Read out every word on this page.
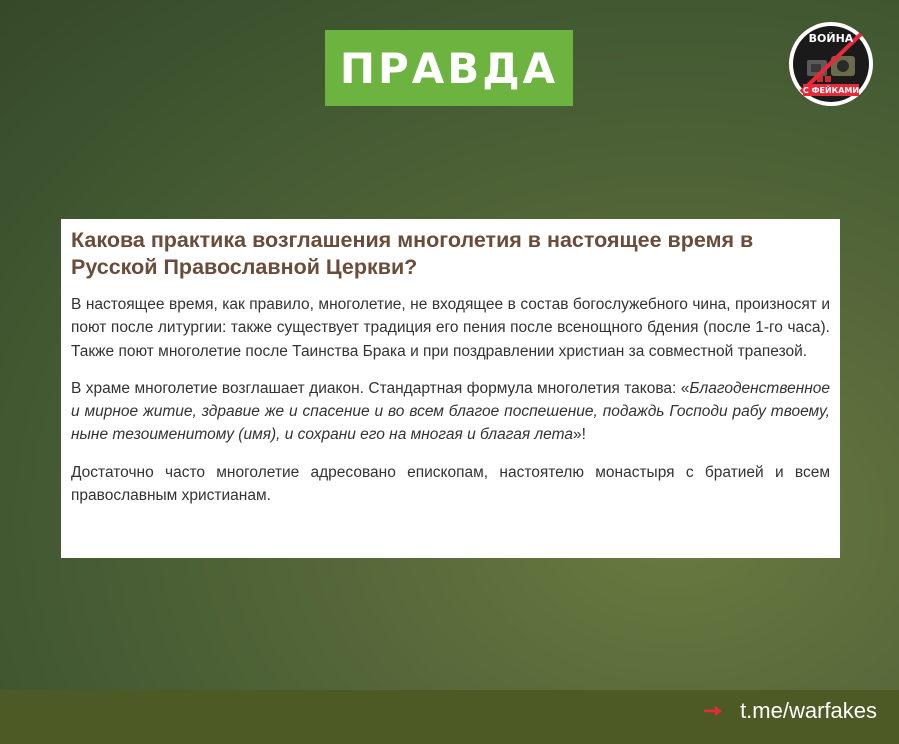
ПРАВДА
ВОЙНА
С ФЕЙКАМИ
Какова практика возглашения многолетия в настоящее время в Русской Православной Церкви?

В настоящее время, как правило, многолетие, не входящее в состав богослужебного чина, произносят и поют после литургии: также существует традиция его пения после всенощного бдения (после 1-го часа). Также поют многолетие после Таинства Брака и при поздравлении христиан за совместной трапезой.

В храме многолетие возглашает диакон. Стандартная формула многолетия такова: «Благоденственное и мирное житие, здравие же и спасение и во всем благое поспешение, подаждь Господи рабу твоему, ныне тезоименитому (имя), и сохрани его на многая и благая лета»!

Достаточно часто многолетие адресовано епископам, настоятелю монастыря с братией и всем православным христианам.

t.me/warfakes
